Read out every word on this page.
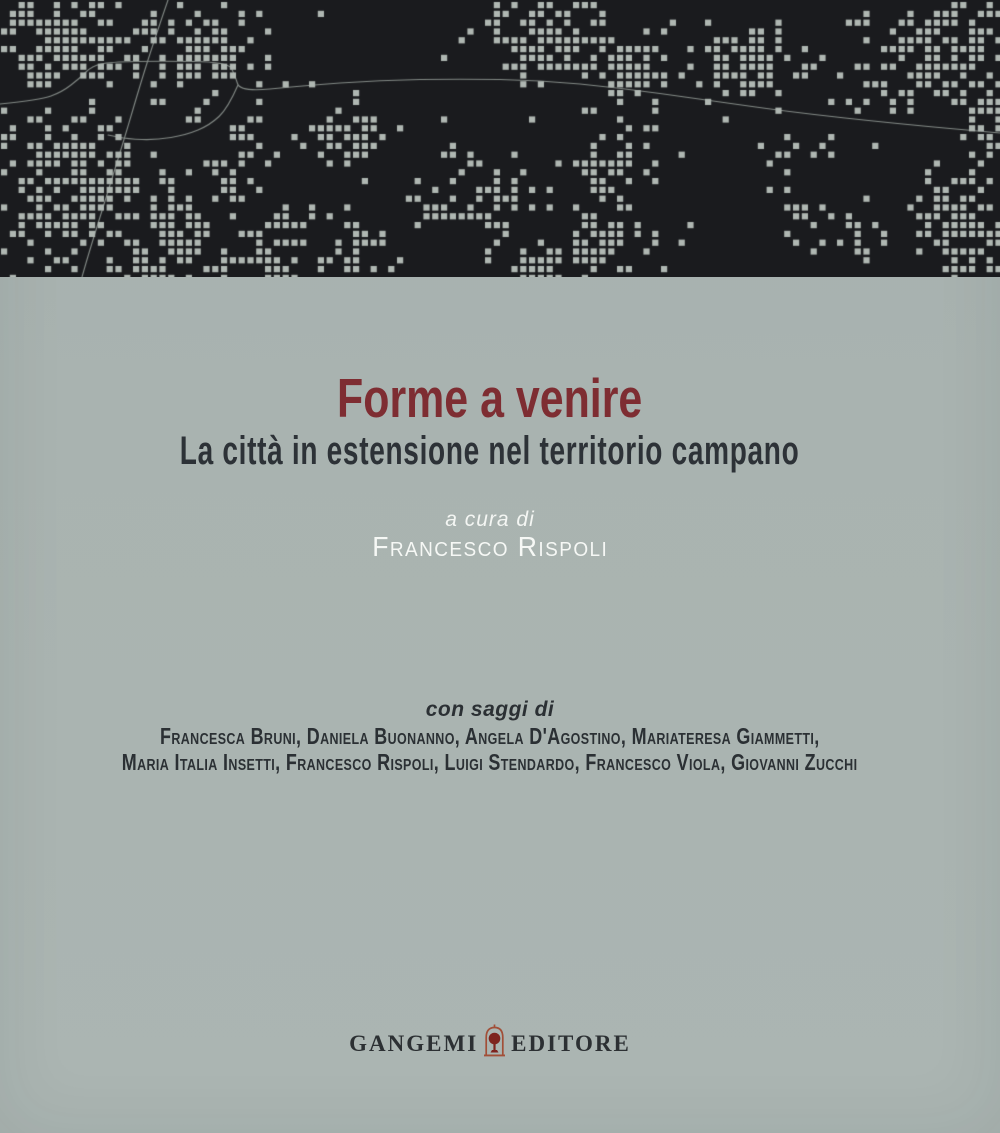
Forme a venire
La città in estensione nel territorio campano
a cura di
Francesco Rispoli
con saggi di
Francesca Bruni, Daniela Buonanno, Angela D'Agostino, Mariateresa Giammetti,
Maria Italia Insetti, Francesco Rispoli, Luigi Stendardo, Francesco Viola, Giovanni Zucchi
GANGEMI EDITORE
